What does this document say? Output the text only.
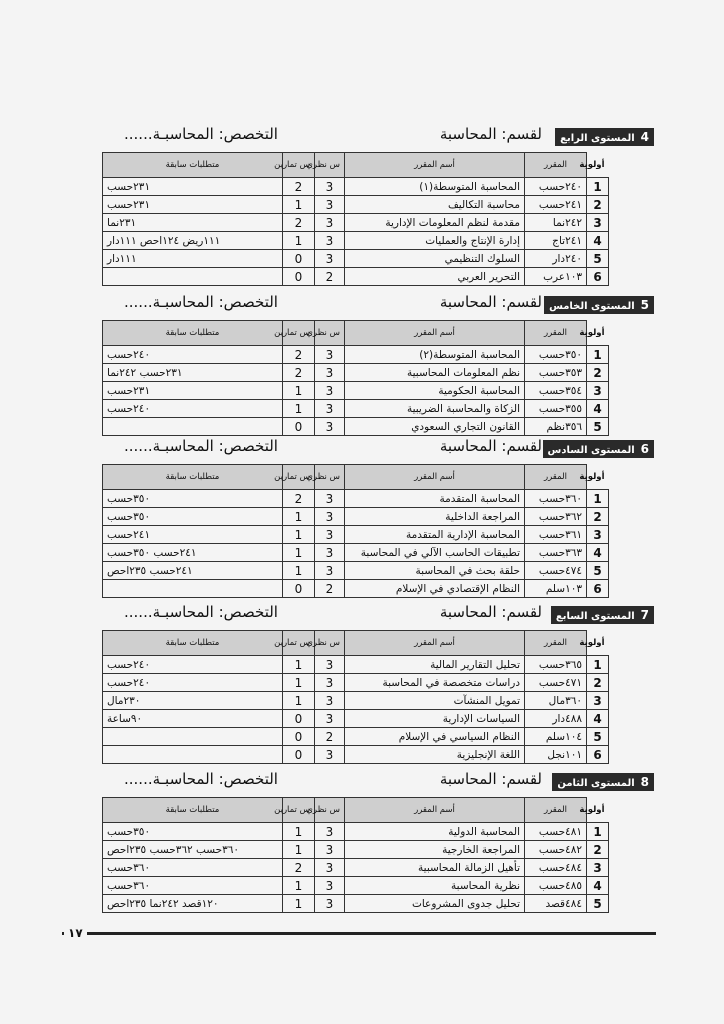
4المستوى الرابع
لقسم: المحاسبة
التخصص: المحاسبـة......
أولوية	المقرر	أسم المقرر	س نظري	س تمارين	متطلبات سابقة
1	٢٤٠حسب	المحاسبة المتوسطة(١)	3	2	٢٣١حسب
2	٢٤١حسب	محاسبة التكاليف	3	1	٢٣١حسب
3	٢٤٢نما	مقدمة لنظم المعلومات الإدارية	3	2	٢٣١نما
4	٢٤١تاج	إدارة الإنتاج والعمليات	3	1	١١١ريض ١٢٤احص ١١١دار
5	٢٤٠دار	السلوك التنظيمي	3	0	١١١دار
6	١٠٣عرب	التحرير العربي	2	0	
5المستوى الخامس
لقسم: المحاسبة
التخصص: المحاسبـة......
أولوية	المقرر	أسم المقرر	س نظري	س تمارين	متطلبات سابقة
1	٣٥٠حسب	المحاسبة المتوسطة(٢)	3	2	٢٤٠حسب
2	٣٥٣حسب	نظم المعلومات المحاسبية	3	2	٢٣١حسب ٢٤٢نما
3	٣٥٤حسب	المحاسبة الحكومية	3	1	٢٣١حسب
4	٣٥٥حسب	الزكاة والمحاسبة الضريبية	3	1	٢٤٠حسب
5	٣٥٦نظم	القانون التجاري السعودي	3	0	
6المستوى السادس
لقسم: المحاسبة
التخصص: المحاسبـة......
أولوية	المقرر	أسم المقرر	س نظري	س تمارين	متطلبات سابقة
1	٣٦٠حسب	المحاسبة المتقدمة	3	2	٣٥٠حسب
2	٣٦٢حسب	المراجعة الداخلية	3	1	٣٥٠حسب
3	٣٦١حسب	المحاسبة الإدارية المتقدمة	3	1	٢٤١حسب
4	٣٦٣حسب	تطبيقات الحاسب الآلي في المحاسبة	3	1	٢٤١حسب ٣٥٠حسب
5	٤٧٤حسب	حلقة بحث في المحاسبة	3	1	٢٤١حسب ٢٣٥احص
6	١٠٣سلم	النظام الإقتصادي في الإسلام	2	0	
7المستوى السابع
لقسم: المحاسبة
التخصص: المحاسبـة......
أولوية	المقرر	أسم المقرر	س نظري	س تمارين	متطلبات سابقة
1	٣٦٥حسب	تحليل التقارير المالية	3	1	٢٤٠حسب
2	٤٧١حسب	دراسات متخصصة في المحاسبة	3	1	٢٤٠حسب
3	٣٦٠مال	تمويل المنشآت	3	1	٢٣٠مال
4	٤٨٨دار	السياسات الإدارية	3	0	٩٠ساعة
5	١٠٤سلم	النظام السياسي في الإسلام	2	0	
6	١٠١نجل	اللغة الإنجليزية	3	0	
8المستوى الثامن
لقسم: المحاسبة
التخصص: المحاسبـة......
أولوية	المقرر	أسم المقرر	س نظري	س تمارين	متطلبات سابقة
1	٤٨١حسب	المحاسبة الدولية	3	1	٣٥٠حسب
2	٤٨٢حسب	المراجعة الخارجية	3	1	٣٦٠حسب ٣٦٢حسب ٢٣٥احص
3	٤٨٤حسب	تأهيل الزمالة المحاسبية	3	2	٣٦٠حسب
4	٤٨٥حسب	نظرية المحاسبة	3	1	٣٦٠حسب
5	٤٨٤قصد	تحليل جدوى المشروعات	3	1	١٢٠قصد ٢٤٢نما ٢٣٥احص
١٧
